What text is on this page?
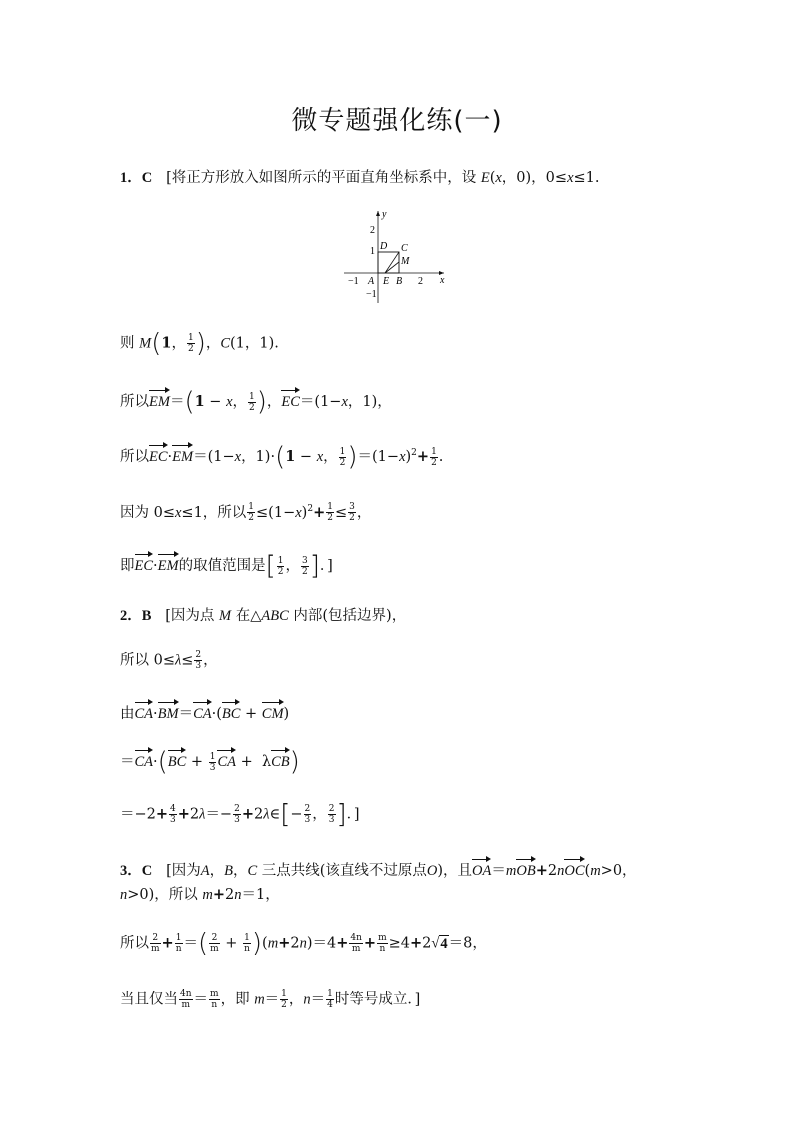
微专题强化练(一)
1．C [将正方形放入如图所示的平面直角坐标系中，设 E(x，0)，0≤x≤1.
y
x
2
1
−1 A E B 2
−1
D C
M
则 M(1， $\frac{1}{2}$ )，C(1，1).
所以EM＝(1 − x， $\frac{1}{2}$ )，EC＝(1−x，1)，
所以EC·EM＝(1−x，1)·(1 − x， $\frac{1}{2} )=(1-x)^2+ \frac{1}{2}$ .
因为 0≤x≤1，所以 $\frac{1}{2} \le(1-x)^2+ \frac{1}{2} \le \frac{3}{2}$ ，
即EC·EM的取值范围是[ $\frac{1}{2}$ ， $\frac{3}{2}$ ]．]
2．B [因为点 M 在△ABC 内部(包括边界)，
所以 $0\le\lambda\le \frac{2}{3}$ ，
由CA·BM＝CA·(BC + CM)
$=CA\cdot(BC + \frac{1}{3}$ CA +  λCB)
$=-2+ \frac{4}{3} +2\lambda=- \frac{2}{3}$ +2λ∈[− $\frac{2}{3}$ ， $\frac{2}{3}$ ]．]
3．C [因为A，B，C 三点共线(该直线不过原点O)，且OA＝mOB+2nOC(m>0，
n>0)，所以 m+2n＝1，
所以 $\frac{2}{m} + \frac{1}{n}$ ＝( $\frac{2}{m} + \frac{1}{n} )(m+2n)=4+ \frac{4n}{m} + \frac{m}{n} \ge 4+2√4=8$，
当且仅当 $\frac{4n}{m} = \frac{m}{n}$ ，即 $m= \frac{1}{2}$ ，$n= \frac{1}{4}$ 时等号成立．]
